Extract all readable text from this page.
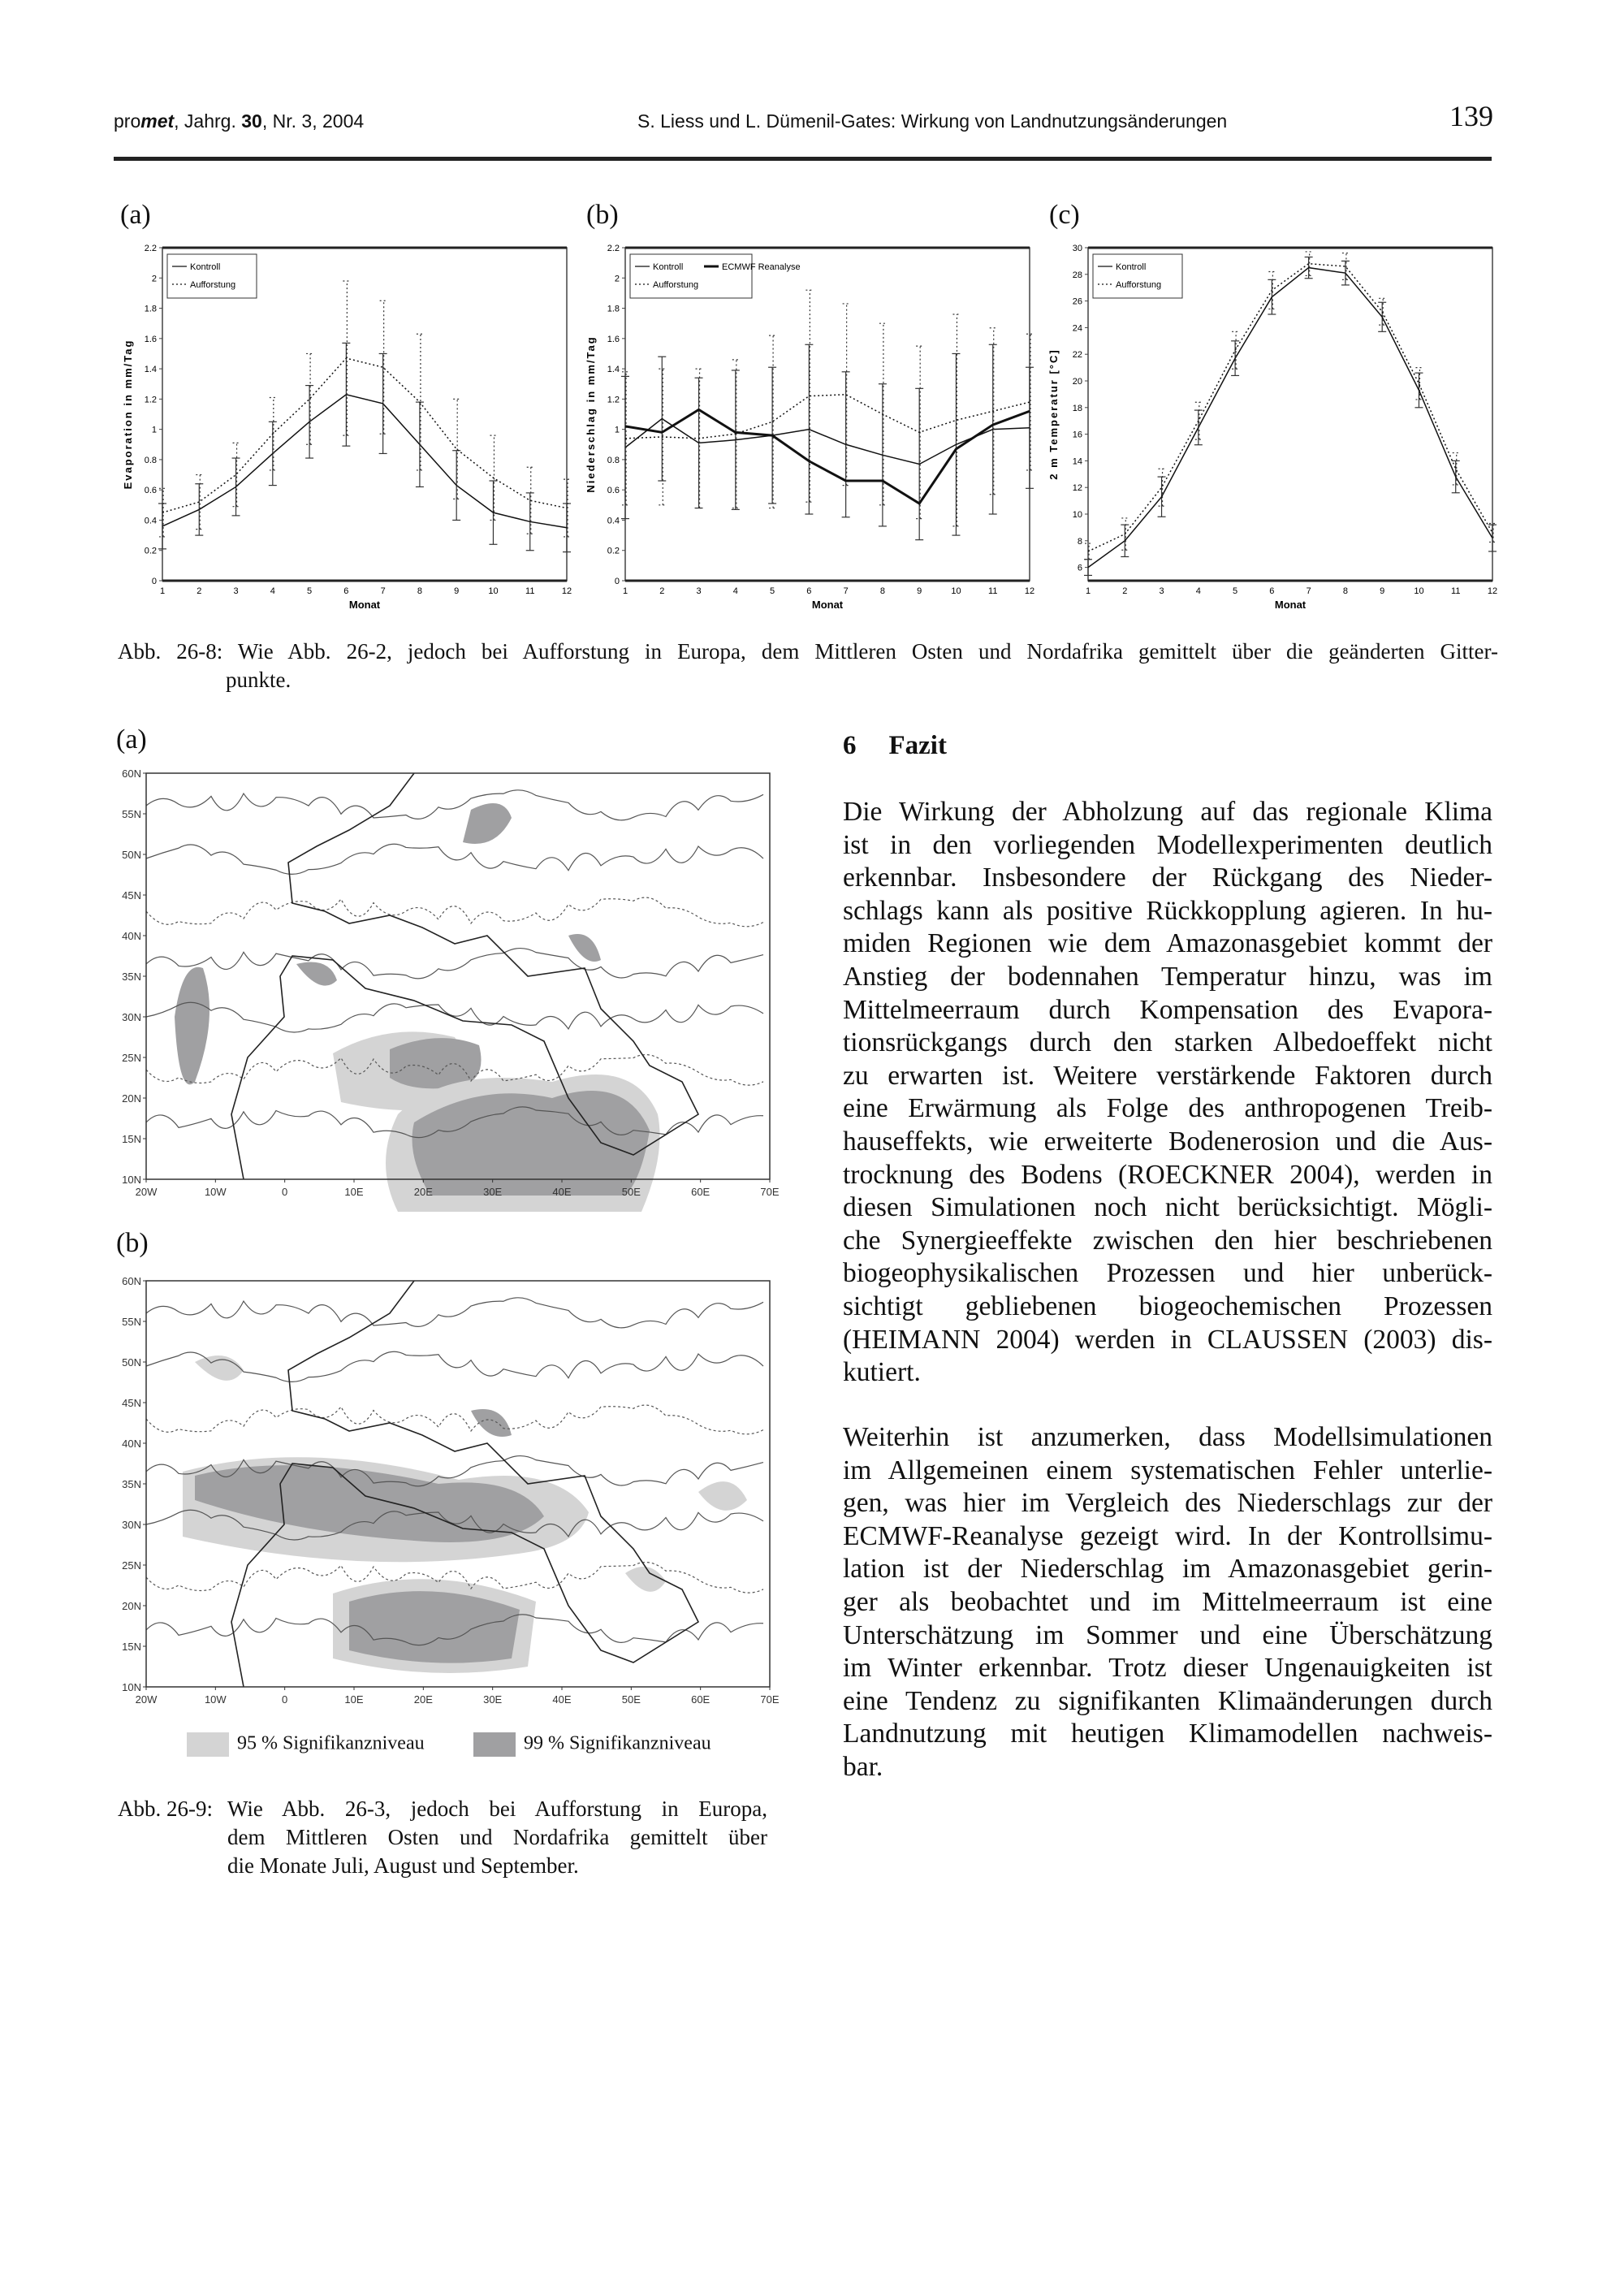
promet, Jahrg. 30, Nr. 3, 2004	S. Liess und L. Dümenil-Gates: Wirkung von Landnutzungsänderungen	139
(a)	(b)	(c)
0
0.2
0.4
0.6
0.8
1
1.2
1.4
1.6
1.8
2
2.2
1	2	3	4	5	6	7	8	9	10	11	12
Monat
Evaporation in mm/Tag
Kontroll
Aufforstung
0
0.2
0.4
0.6
0.8
1
1.2
1.4
1.6
1.8
2
2.2
1	2	3	4	5	6	7	8	9	10	11	12
Monat
Niederschlag in mm/Tag
Kontroll
Aufforstung
ECMWF Reanalyse
6
8
10
12
14
16
18
20
22
24
26
28
30
1	2	3	4	5	6	7	8	9	10	11	12
Monat
2 m Temperatur [°C]
Kontroll
Aufforstung
Abb. 26-8: Wie Abb. 26-2, jedoch bei Aufforstung in Europa, dem Mittleren Osten und Nordafrika gemittelt über die geänderten Gitter-
punkte.
(a)
60N
55N
50N
45N
40N
35N
30N
25N
20N
15N
10N
20W	10W	0	10E	20E	30E	40E	50E	60E	70E
(b)
60N
55N
50N
45N
40N
35N
30N
25N
20N
15N
10N
20W	10W	0	10E	20E	30E	40E	50E	60E	70E
95 % Signifikanzniveau	99 % Signifikanzniveau
Abb. 26-9: Wie Abb. 26-3, jedoch bei Aufforstung in Europa,
dem Mittleren Osten und Nordafrika gemittelt über
die Monate Juli, August und September.
6 Fazit
Die Wirkung der Abholzung auf das regionale Klima
ist in den vorliegenden Modellexperimenten deutlich
erkennbar. Insbesondere der Rückgang des Nieder-
schlags kann als positive Rückkopplung agieren. In hu-
miden Regionen wie dem Amazonasgebiet kommt der
Anstieg der bodennahen Temperatur hinzu, was im
Mittelmeerraum durch Kompensation des Evapora-
tionsrückgangs durch den starken Albedoeffekt nicht
zu erwarten ist. Weitere verstärkende Faktoren durch
eine Erwärmung als Folge des anthropogenen Treib-
hauseffekts, wie erweiterte Bodenerosion und die Aus-
trocknung des Bodens (ROECKNER 2004), werden in
diesen Simulationen noch nicht berücksichtigt. Mögli-
che Synergieeffekte zwischen den hier beschriebenen
biogeophysikalischen Prozessen und hier unberück-
sichtigt gebliebenen biogeochemischen Prozessen
(HEIMANN 2004) werden in CLAUSSEN (2003) dis-
kutiert.
Weiterhin ist anzumerken, dass Modellsimulationen
im Allgemeinen einem systematischen Fehler unterlie-
gen, was hier im Vergleich des Niederschlags zur der
ECMWF-Reanalyse gezeigt wird. In der Kontrollsimu-
lation ist der Niederschlag im Amazonasgebiet gerin-
ger als beobachtet und im Mittelmeerraum ist eine
Unterschätzung im Sommer und eine Überschätzung
im Winter erkennbar. Trotz dieser Ungenauigkeiten ist
eine Tendenz zu signifikanten Klimaänderungen durch
Landnutzung mit heutigen Klimamodellen nachweis-
bar.
